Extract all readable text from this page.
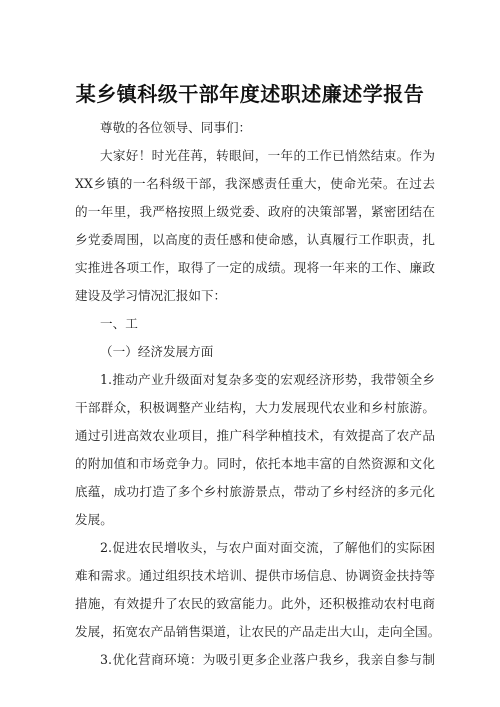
某乡镇科级干部年度述职述廉述学报告
尊敬的各位领导、同事们：
大家好！时光荏苒，转眼间，一年的工作已悄然结束。作为
XX乡镇的一名科级干部，我深感责任重大，使命光荣。在过去
的一年里，我严格按照上级党委、政府的决策部署，紧密团结在
乡党委周围，以高度的责任感和使命感，认真履行工作职责，扎
实推进各项工作，取得了一定的成绩。现将一年来的工作、廉政
建设及学习情况汇报如下：
一、工
（一）经济发展方面
1.推动产业升级面对复杂多变的宏观经济形势，我带领全乡
干部群众，积极调整产业结构，大力发展现代农业和乡村旅游。
通过引进高效农业项目，推广科学种植技术，有效提高了农产品
的附加值和市场竞争力。同时，依托本地丰富的自然资源和文化
底蕴，成功打造了多个乡村旅游景点，带动了乡村经济的多元化
发展。
2.促进农民增收头，与农户面对面交流，了解他们的实际困
难和需求。通过组织技术培训、提供市场信息、协调资金扶持等
措施，有效提升了农民的致富能力。此外，还积极推动农村电商
发展，拓宽农产品销售渠道，让农民的产品走出大山，走向全国。
3.优化营商环境：为吸引更多企业落户我乡，我亲自参与制
